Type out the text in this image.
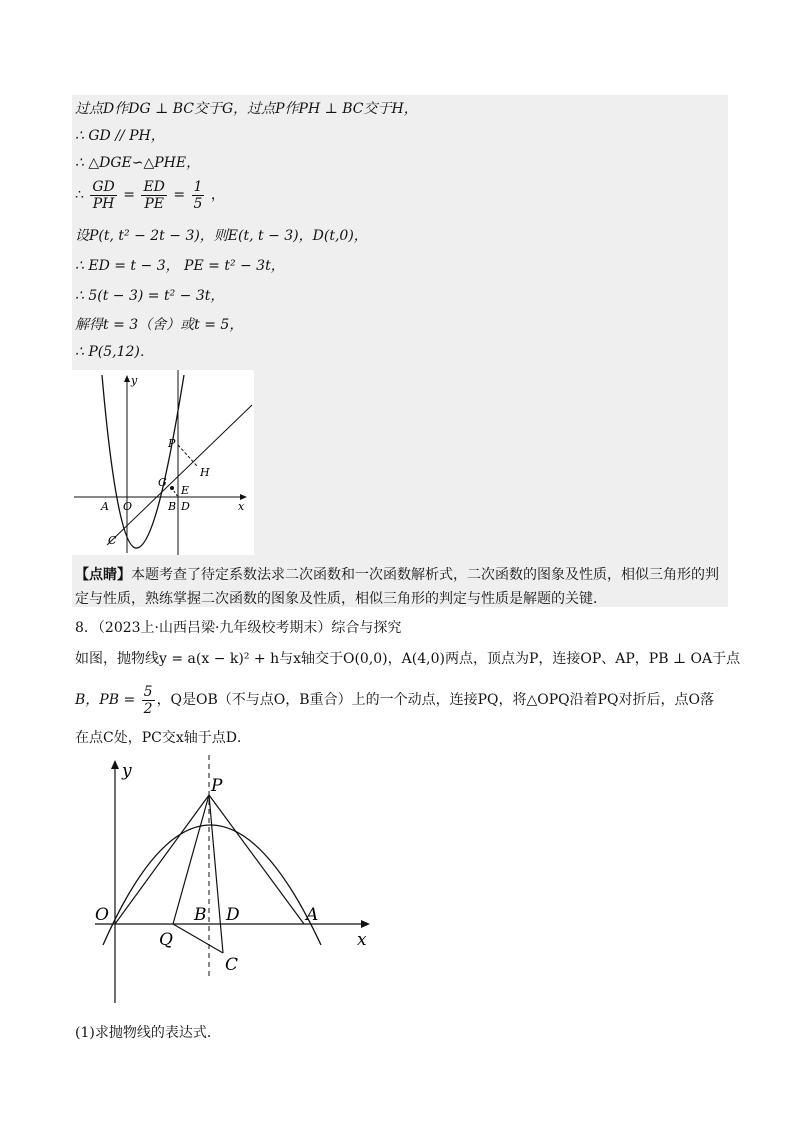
过点D作DG ⊥ BC交于G，过点P作PH ⊥ BC交于H，
∴ GD // PH，
∴ △DGE∽△PHE，
∴ $\frac{GD}{PH} = \frac{ED}{PE} = \frac{1}{5}$ ，
设P(t, t² − 2t − 3)，则E(t, t − 3)，D(t,0)，
∴ ED = t − 3， PE = t² − 3t，
∴ 5(t − 3) = t² − 3t，
解得t = 3（舍）或t = 5，
∴ P(5,12)．
y
x
P
H
G
E
A O	B D
C
【点睛】本题考查了待定系数法求二次函数和一次函数解析式，二次函数的图象及性质，相似三角形的判定与性质，熟练掌握二次函数的图象及性质，相似三角形的判定与性质是解题的关键．
8．（2023上·山西吕梁·九年级校考期末）综合与探究
如图，抛物线y = a(x − k)² + h与x轴交于O(0,0)，A(4,0)两点，顶点为P，连接OP、AP，PB ⊥ OA于点
B，PB = $\frac{5}{2}$ ，Q是OB（不与点O，B重合）上的一个动点，连接PQ，将△OPQ沿着PQ对折后，点O落
在点C处，PC交x轴于点D．
y
x
P
O
Q
B D	A
C
(1)求抛物线的表达式．
